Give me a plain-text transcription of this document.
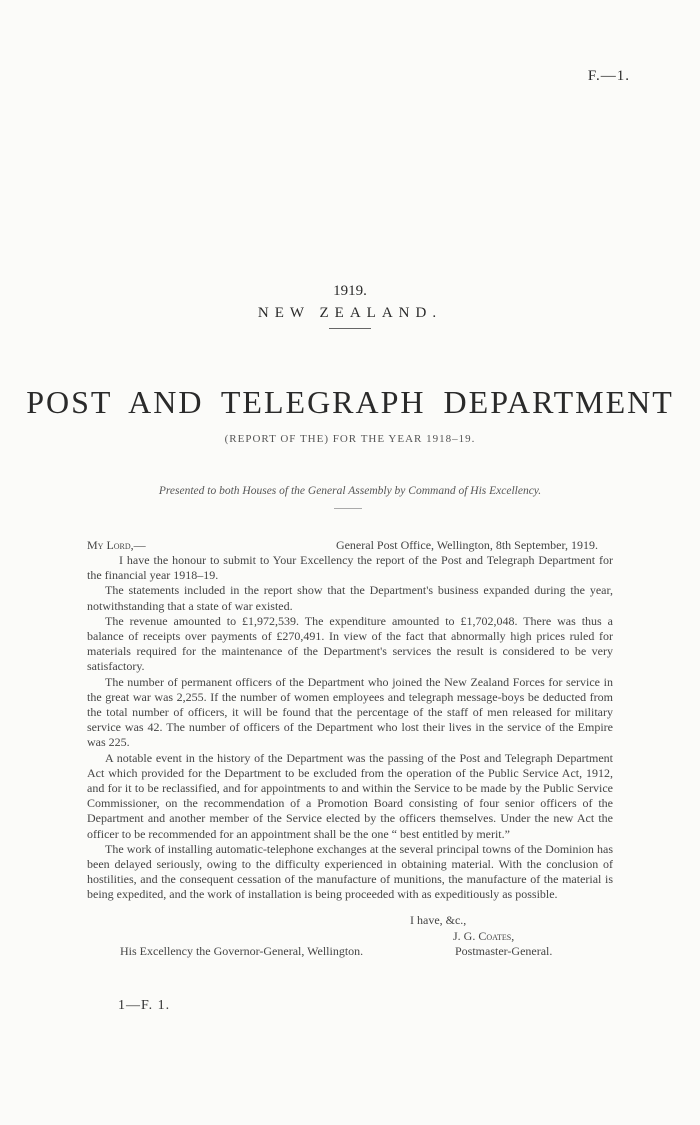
F.—1.
1919.
NEW ZEALAND.
POST AND TELEGRAPH DEPARTMENT
(REPORT OF THE) FOR THE YEAR 1918–19.
Presented to both Houses of the General Assembly by Command of His Excellency.
My Lord,—	General Post Office, Wellington, 8th September, 1919.

I have the honour to submit to Your Excellency the report of the Post and Telegraph Department for the financial year 1918–19.

The statements included in the report show that the Department's business expanded during the year, notwithstanding that a state of war existed.

The revenue amounted to £1,972,539. The expenditure amounted to £1,702,048. There was thus a balance of receipts over payments of £270,491. In view of the fact that abnormally high prices ruled for materials required for the maintenance of the Department's services the result is considered to be very satisfactory.

The number of permanent officers of the Department who joined the New Zealand Forces for service in the great war was 2,255. If the number of women employees and telegraph message-boys be deducted from the total number of officers, it will be found that the percentage of the staff of men released for military service was 42. The number of officers of the Department who lost their lives in the service of the Empire was 225.

A notable event in the history of the Department was the passing of the Post and Telegraph Department Act which provided for the Department to be excluded from the operation of the Public Service Act, 1912, and for it to be reclassified, and for appointments to and within the Service to be made by the Public Service Commissioner, on the recommendation of a Promotion Board consisting of four senior officers of the Department and another member of the Service elected by the officers themselves. Under the new Act the officer to be recommended for an appointment shall be the one “ best entitled by merit.”

The work of installing automatic-telephone exchanges at the several principal towns of the Dominion has been delayed seriously, owing to the difficulty experienced in obtaining material. With the conclusion of hostilities, and the consequent cessation of the manufacture of munitions, the manufacture of the material is being expedited, and the work of installation is being proceeded with as expeditiously as possible.

I have, &c.,
J. G. Coates,
His Excellency the Governor-General, Wellington.	Postmaster-General.
1—F. 1.
